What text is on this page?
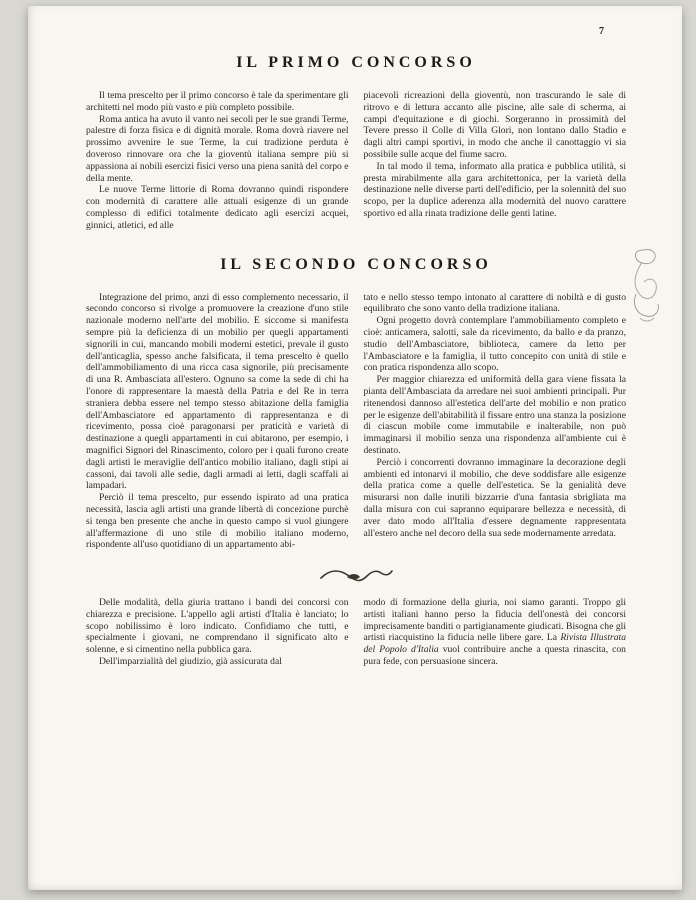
7
IL PRIMO CONCORSO

Il tema prescelto per il primo concorso è tale da sperimentare gli architetti nel modo più vasto e più completo possibile.

Roma antica ha avuto il vanto nei secoli per le sue grandi Terme, palestre di forza fisica e di dignità morale. Roma dovrà riavere nel prossimo avvenire le sue Terme, la cui tradizione perduta è doveroso rinnovare ora che la gioventù italiana sempre più si appassiona ai nobili esercizi fisici verso una piena sanità del corpo e della mente.

Le nuove Terme littorie di Roma dovranno quindi rispondere con modernità di carattere alle attuali esigenze di un grande complesso di edifici totalmente dedicato agli esercizi acquei, ginnici, atletici, ed alle

piacevoli ricreazioni della gioventù, non trascurando le sale di ritrovo e di lettura accanto alle piscine, alle sale di scherma, ai campi d'equitazione e di giochi. Sorgeranno in prossimità del Tevere presso il Colle di Villa Glori, non lontano dallo Stadio e dagli altri campi sportivi, in modo che anche il canottaggio vi sia possibile sulle acque del fiume sacro.

In tal modo il tema, informato alla pratica e pubblica utilità, si presta mirabilmente alla gara architettonica, per la varietà della destinazione nelle diverse parti dell'edificio, per la solennità del suo scopo, per la duplice aderenza alla modernità del nuovo carattere sportivo ed alla rinata tradizione delle genti latine.

IL SECONDO CONCORSO

Integrazione del primo, anzi di esso complemento necessario, il secondo concorso si rivolge a promuovere la creazione d'uno stile nazionale moderno nell'arte del mobilio. E siccome si manifesta sempre più la deficienza di un mobilio per quegli appartamenti signorili in cui, mancando mobili moderni estetici, prevale il gusto dell'anticaglia, spesso anche falsificata, il tema prescelto è quello dell'ammobiliamento di una ricca casa signorile, più precisamente di una R. Ambasciata all'estero. Ognuno sa come la sede di chi ha l'onore di rappresentare la maestà della Patria e del Re in terra straniera debba essere nel tempo stesso abitazione della famiglia dell'Ambasciatore ed appartamento di rappresentanza e di ricevimento, possa cioè paragonarsi per praticità e varietà di destinazione a quegli appartamenti in cui abitarono, per esempio, i magnifici Signori del Rinascimento, coloro per i quali furono create dagli artisti le meraviglie dell'antico mobilio italiano, dagli stipi ai cassoni, dai tavoli alle sedie, dagli armadi ai letti, dagli scaffali ai lampadari.

Perciò il tema prescelto, pur essendo ispirato ad una pratica necessità, lascia agli artisti una grande libertà di concezione purchè si tenga ben presente che anche in questo campo si vuol giungere all'affermazione di uno stile di mobilio italiano moderno, rispondente all'uso quotidiano di un appartamento abi-

tato e nello stesso tempo intonato al carattere di nobiltà e di gusto equilibrato che sono vanto della tradizione italiana.

Ogni progetto dovrà contemplare l'ammobiliamento completo e cioè: anticamera, salotti, sale da ricevimento, da ballo e da pranzo, studio dell'Ambasciatore, biblioteca, camere da letto per l'Ambasciatore e la famiglia, il tutto concepito con unità di stile e con pratica rispondenza allo scopo.

Per maggior chiarezza ed uniformità della gara viene fissata la pianta dell'Ambasciata da arredare nei suoi ambienti principali. Pur ritenendosi dannoso all'estetica dell'arte del mobilio e non pratico per le esigenze dell'abitabilità il fissare entro una stanza la posizione di ciascun mobile come immutabile e inalterabile, non può immaginarsi il mobilio senza una rispondenza all'ambiente cui è destinato.

Perciò i concorrenti dovranno immaginare la decorazione degli ambienti ed intonarvi il mobilio, che deve soddisfare alle esigenze della pratica come a quelle dell'estetica. Se la genialità deve misurarsi non dalle inutili bizzarrie d'una fantasia sbrigliata ma dalla misura con cui sapranno equiparare bellezza e necessità, di aver dato modo all'Italia d'essere degnamente rappresentata all'estero anche nel decoro della sua sede modernamente arredata.

Delle modalità, della giuria trattano i bandi dei concorsi con chiarezza e precisione. L'appello agli artisti d'Italia è lanciato; lo scopo nobilissimo è loro indicato. Confidiamo che tutti, e specialmente i giovani, ne comprendano il significato alto e solenne, e si cimentino nella pubblica gara.

Dell'imparzialità del giudizio, già assicurata dal

modo di formazione della giuria, noi siamo garanti. Troppo gli artisti italiani hanno perso la fiducia dell'onestà dei concorsi imprecisamente banditi o partigianamente giudicati. Bisogna che gli artisti riacquistino la fiducia nelle libere gare. La Rivista Illustrata del Popolo d'Italia vuol contribuire anche a questa rinascita, con pura fede, con persuasione sincera.
